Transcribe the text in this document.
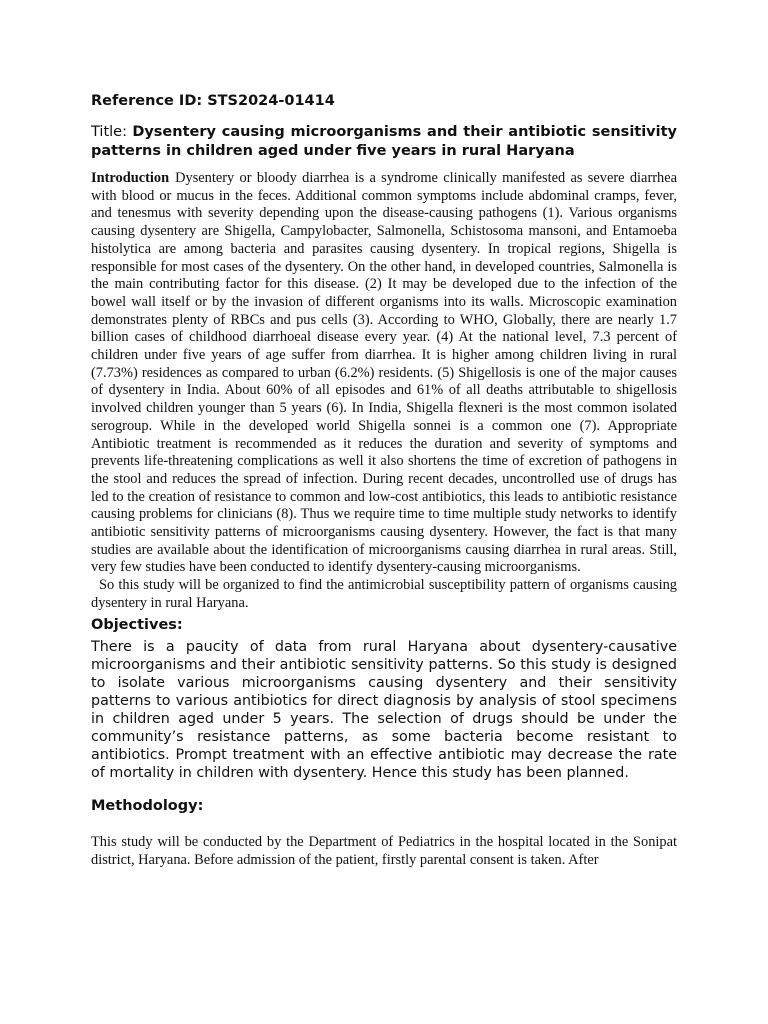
Reference ID: STS2024-01414
Title: Dysentery causing microorganisms and their antibiotic sensitivity patterns in children aged under five years in rural Haryana

Introduction Dysentery or bloody diarrhea is a syndrome clinically manifested as severe diarrhea with blood or mucus in the feces. Additional common symptoms include abdominal cramps, fever, and tenesmus with severity depending upon the disease-causing pathogens (1). Various organisms causing dysentery are Shigella, Campylobacter, Salmonella, Schistosoma mansoni, and Entamoeba histolytica are among bacteria and parasites causing dysentery. In tropical regions, Shigella is responsible for most cases of the dysentery. On the other hand, in developed countries, Salmonella is the main contributing factor for this disease. (2) It may be developed due to the infection of the bowel wall itself or by the invasion of different organisms into its walls. Microscopic examination demonstrates plenty of RBCs and pus cells (3). According to WHO, Globally, there are nearly 1.7 billion cases of childhood diarrhoeal disease every year. (4) At the national level, 7.3 percent of children under five years of age suffer from diarrhea. It is higher among children living in rural (7.73%) residences as compared to urban (6.2%) residents. (5) Shigellosis is one of the major causes of dysentery in India. About 60% of all episodes and 61% of all deaths attributable to shigellosis involved children younger than 5 years (6). In India, Shigella flexneri is the most common isolated serogroup. While in the developed world Shigella sonnei is a common one (7). Appropriate Antibiotic treatment is recommended as it reduces the duration and severity of symptoms and prevents life-threatening complications as well it also shortens the time of excretion of pathogens in the stool and reduces the spread of infection. During recent decades, uncontrolled use of drugs has led to the creation of resistance to common and low-cost antibiotics, this leads to antibiotic resistance causing problems for clinicians (8). Thus we require time to time multiple study networks to identify antibiotic sensitivity patterns of microorganisms causing dysentery. However, the fact is that many studies are available about the identification of microorganisms causing diarrhea in rural areas. Still, very few studies have been conducted to identify dysentery-causing microorganisms.
So this study will be organized to find the antimicrobial susceptibility pattern of organisms causing dysentery in rural Haryana.

Objectives:

There is a paucity of data from rural Haryana about dysentery-causative microorganisms and their antibiotic sensitivity patterns. So this study is designed to isolate various microorganisms causing dysentery and their sensitivity patterns to various antibiotics for direct diagnosis by analysis of stool specimens in children aged under 5 years. The selection of drugs should be under the community’s resistance patterns, as some bacteria become resistant to antibiotics. Prompt treatment with an effective antibiotic may decrease the rate of mortality in children with dysentery. Hence this study has been planned.

Methodology:

This study will be conducted by the Department of Pediatrics in the hospital located in the Sonipat district, Haryana. Before admission of the patient, firstly parental consent is taken. After
